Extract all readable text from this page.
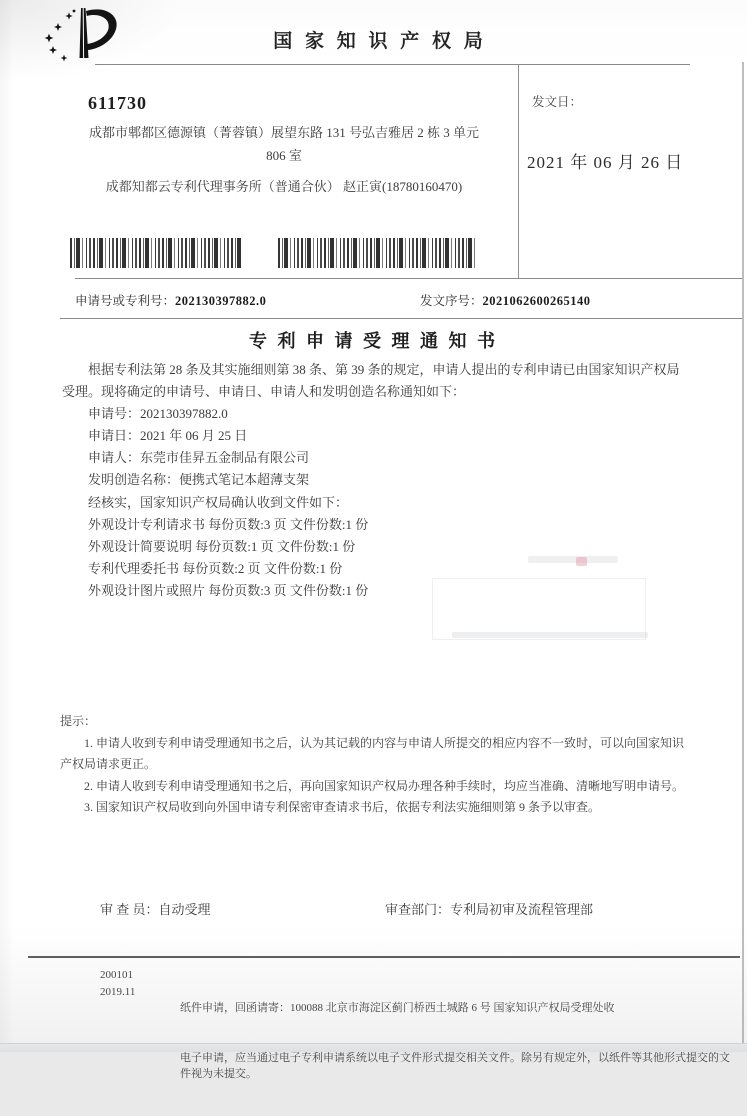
国 家 知 识 产 权 局
611730
成都市郫都区德源镇（菁蓉镇）展望东路 131 号弘吉雅居 2 栋 3 单元
806 室
成都知都云专利代理事务所（普通合伙） 赵正寅(18780160470)
发文日：
2021 年 06 月 26 日
申请号或专利号：202130397882.0	发文序号：2021062600265140
专 利 申 请 受 理 通 知 书

根据专利法第 28 条及其实施细则第 38 条、第 39 条的规定，申请人提出的专利申请已由国家知识产权局受理。现将确定的申请号、申请日、申请人和发明创造名称通知如下：

申请号：202130397882.0
申请日：2021 年 06 月 25 日
申请人：东莞市佳昇五金制品有限公司
发明创造名称：便携式笔记本超薄支架
经核实，国家知识产权局确认收到文件如下：
外观设计专利请求书 每份页数:3 页 文件份数:1 份
外观设计简要说明 每份页数:1 页 文件份数:1 份
专利代理委托书 每份页数:2 页 文件份数:1 份
外观设计图片或照片 每份页数:3 页 文件份数:1 份

提示：

1. 申请人收到专利申请受理通知书之后，认为其记载的内容与申请人所提交的相应内容不一致时，可以向国家知识产权局请求更正。

2. 申请人收到专利申请受理通知书之后，再向国家知识产权局办理各种手续时，均应当准确、清晰地写明申请号。

3. 国家知识产权局收到向外国申请专利保密审查请求书后，依据专利法实施细则第 9 条予以审查。

审 查 员：自动受理	审查部门：专利局初审及流程管理部
200101
2019.11

纸件申请，回函请寄：100088 北京市海淀区蓟门桥西土城路 6 号 国家知识产权局受理处收

电子申请，应当通过电子专利申请系统以电子文件形式提交相关文件。除另有规定外，以纸件等其他形式提交的文件视为未提交。
